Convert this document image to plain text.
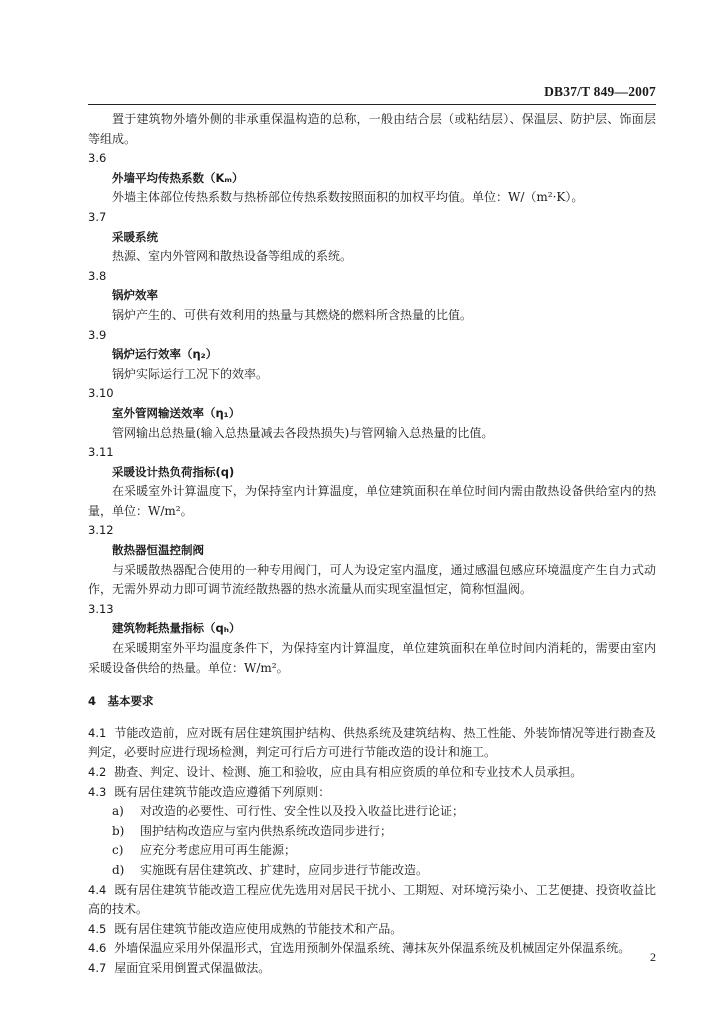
DB37/T 849—2007

置于建筑物外墙外侧的非承重保温构造的总称，一般由结合层（或粘结层）、保温层、防护层、饰面层等组成。

3.6

外墙平均传热系数（Kₘ）

外墙主体部位传热系数与热桥部位传热系数按照面积的加权平均值。单位：W/（m²·K）。

3.7

采暖系统

热源、室内外管网和散热设备等组成的系统。

3.8

锅炉效率

锅炉产生的、可供有效利用的热量与其燃烧的燃料所含热量的比值。

3.9

锅炉运行效率（η₂）

锅炉实际运行工况下的效率。

3.10

室外管网输送效率（η₁）

管网输出总热量(输入总热量减去各段热损失)与管网输入总热量的比值。

3.11

采暖设计热负荷指标(q)

在采暖室外计算温度下，为保持室内计算温度，单位建筑面积在单位时间内需由散热设备供给室内的热量，单位：W/m²。

3.12

散热器恒温控制阀

与采暖散热器配合使用的一种专用阀门，可人为设定室内温度，通过感温包感应环境温度产生自力式动作，无需外界动力即可调节流经散热器的热水流量从而实现室温恒定，简称恒温阀。

3.13

建筑物耗热量指标（qₕ）

在采暖期室外平均温度条件下，为保持室内计算温度，单位建筑面积在单位时间内消耗的，需要由室内采暖设备供给的热量。单位：W/m²。

4　基本要求

4.1 节能改造前，应对既有居住建筑围护结构、供热系统及建筑结构、热工性能、外装饰情况等进行勘查及判定，必要时应进行现场检测，判定可行后方可进行节能改造的设计和施工。

4.2 勘查、判定、设计、检测、施工和验收，应由具有相应资质的单位和专业技术人员承担。

4.3 既有居住建筑节能改造应遵循下列原则：

a) 对改造的必要性、可行性、安全性以及投入收益比进行论证；

b) 围护结构改造应与室内供热系统改造同步进行；

c) 应充分考虑应用可再生能源；

d) 实施既有居住建筑改、扩建时，应同步进行节能改造。

4.4 既有居住建筑节能改造工程应优先选用对居民干扰小、工期短、对环境污染小、工艺便捷、投资收益比高的技术。

4.5 既有居住建筑节能改造应使用成熟的节能技术和产品。

4.6 外墙保温应采用外保温形式，宜选用预制外保温系统、薄抹灰外保温系统及机械固定外保温系统。

4.7 屋面宜采用倒置式保温做法。

2
